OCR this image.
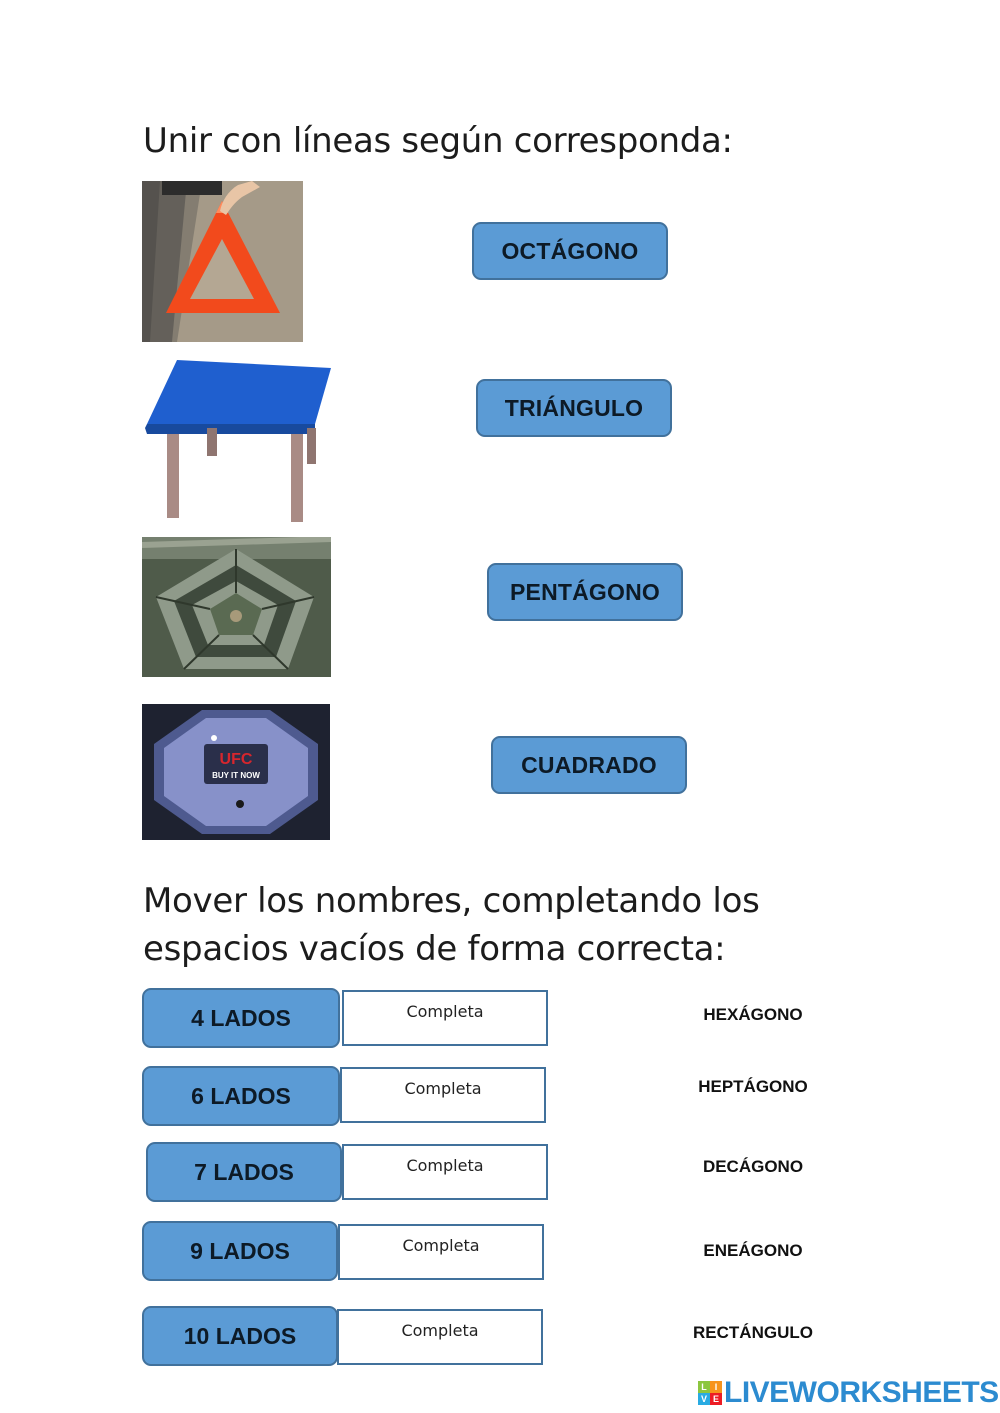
Unir con líneas según corresponda:
UFC
BUY IT NOW
OCTÁGONO
TRIÁNGULO
PENTÁGONO
CUADRADO
Mover los nombres, completando los espacios vacíos de forma correcta:
4 LADOS	Completa	HEXÁGONO
6 LADOS	Completa	HEPTÁGONO
7 LADOS	Completa	DECÁGONO
9 LADOS	Completa	ENEÁGONO
10 LADOS	Completa	RECTÁNGULO
L I
V E LIVEWORKSHEETS
